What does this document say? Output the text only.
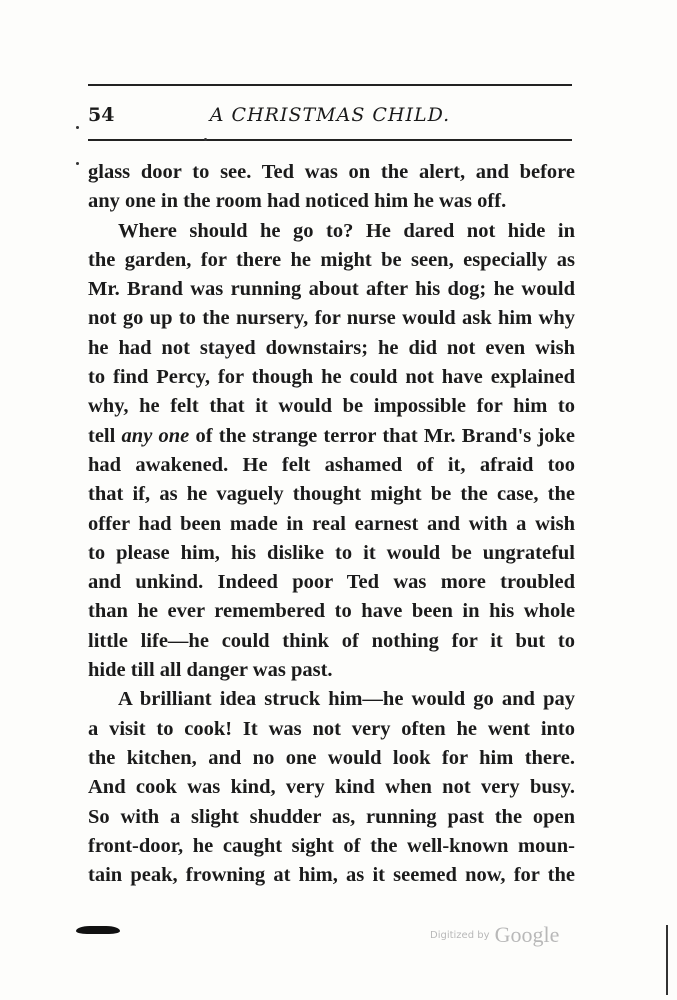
54	A CHRISTMAS CHILD.
glass door to see. Ted was on the alert, and before
any one in the room had noticed him he was off.
Where should he go to? He dared not hide in
the garden, for there he might be seen, especially as
Mr. Brand was running about after his dog; he would
not go up to the nursery, for nurse would ask him why
he had not stayed downstairs; he did not even wish
to find Percy, for though he could not have explained
why, he felt that it would be impossible for him to
tell any one of the strange terror that Mr. Brand's joke
had awakened. He felt ashamed of it, afraid too
that if, as he vaguely thought might be the case, the
offer had been made in real earnest and with a wish
to please him, his dislike to it would be ungrateful
and unkind. Indeed poor Ted was more troubled
than he ever remembered to have been in his whole
little life—he could think of nothing for it but to
hide till all danger was past.
A brilliant idea struck him—he would go and pay
a visit to cook! It was not very often he went into
the kitchen, and no one would look for him there.
And cook was kind, very kind when not very busy.
So with a slight shudder as, running past the open
front-door, he caught sight of the well-known moun-
tain peak, frowning at him, as it seemed now, for the
$^{Digitized by}$ Google
